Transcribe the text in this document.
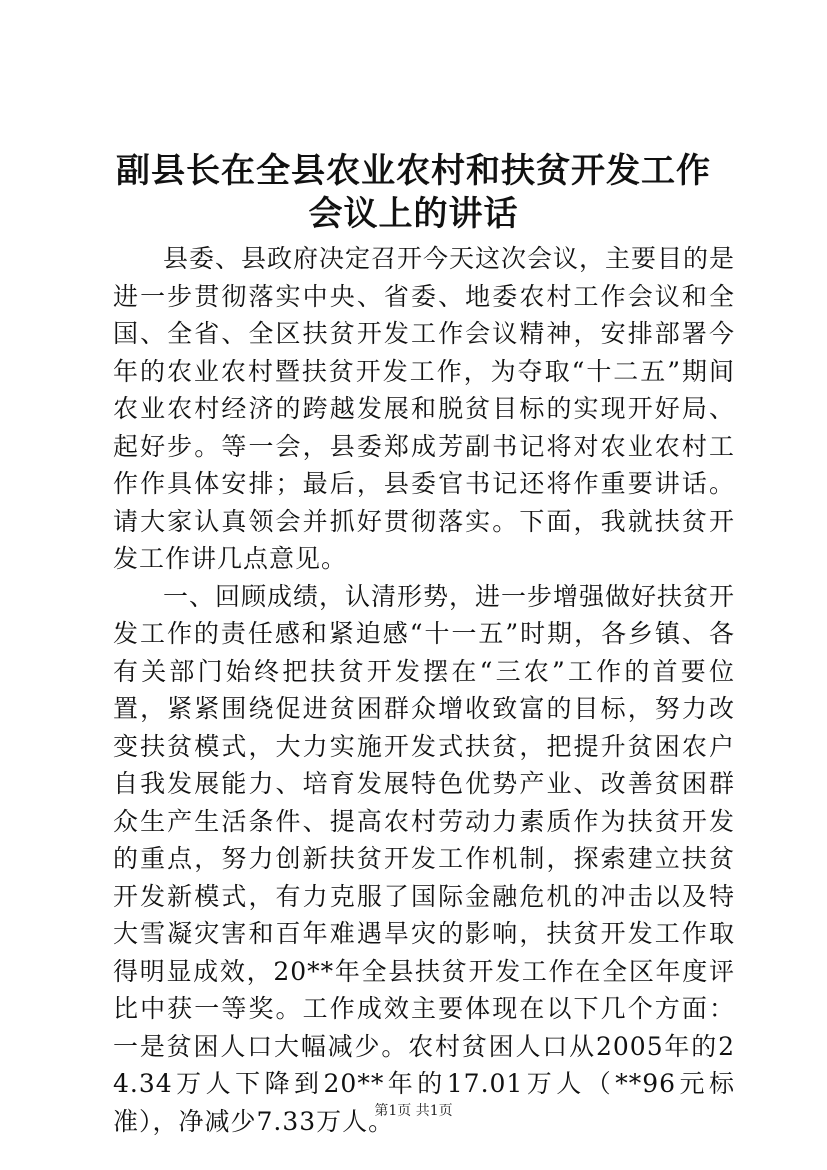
副县长在全县农业农村和扶贫开发工作会议上的讲话

县委、县政府决定召开今天这次会议，主要目的是进一步贯彻落实中央、省委、地委农村工作会议和全国、全省、全区扶贫开发工作会议精神，安排部署今年的农业农村暨扶贫开发工作，为夺取“十二五”期间农业农村经济的跨越发展和脱贫目标的实现开好局、起好步。等一会，县委郑成芳副书记将对农业农村工作作具体安排；最后，县委官书记还将作重要讲话。请大家认真领会并抓好贯彻落实。下面，我就扶贫开发工作讲几点意见。

一、回顾成绩，认清形势，进一步增强做好扶贫开发工作的责任感和紧迫感“十一五”时期，各乡镇、各有关部门始终把扶贫开发摆在“三农”工作的首要位置，紧紧围绕促进贫困群众增收致富的目标，努力改变扶贫模式，大力实施开发式扶贫，把提升贫困农户自我发展能力、培育发展特色优势产业、改善贫困群众生产生活条件、提高农村劳动力素质作为扶贫开发的重点，努力创新扶贫开发工作机制，探索建立扶贫开发新模式，有力克服了国际金融危机的冲击以及特大雪凝灾害和百年难遇旱灾的影响，扶贫开发工作取得明显成效，20**年全县扶贫开发工作在全区年度评比中获一等奖。工作成效主要体现在以下几个方面：一是贫困人口大幅减少。农村贫困人口从2005年的24.34万人下降到20**年的17.01万人（**96元标准），净减少7.33万人。

第1页 共1页
